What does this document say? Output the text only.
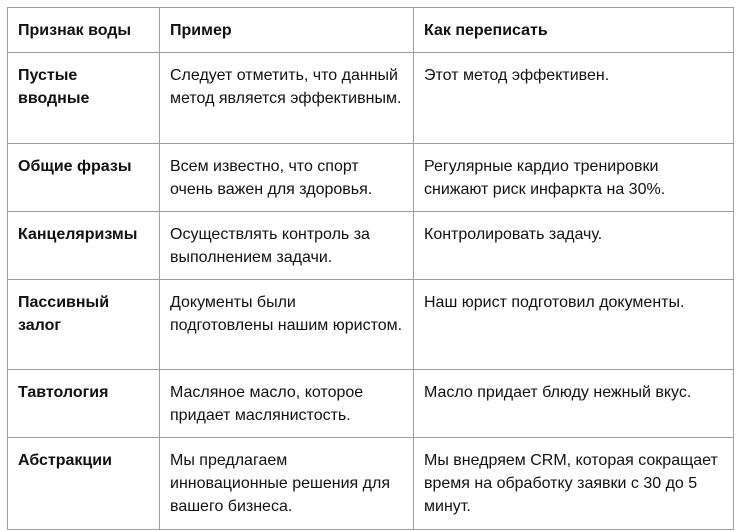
Признак воды	Пример	Как переписать
Пустые вводные	Следует отметить, что данный метод является эффективным.	Этот метод эффективен.
Общие фразы	Всем известно, что спорт очень важен для здоровья.	Регулярные кардио тренировки снижают риск инфаркта на 30%.
Канцеляризмы	Осуществлять контроль за выполнением задачи.	Контролировать задачу.
Пассивный залог	Документы были подготовлены нашим юристом.	Наш юрист подготовил документы.
Тавтология	Масляное масло, которое придает маслянистость.	Масло придает блюду нежный вкус.
Абстракции	Мы предлагаем инновационные решения для вашего бизнеса.	Мы внедряем CRM, которая сокращает время на обработку заявки с 30 до 5 минут.
